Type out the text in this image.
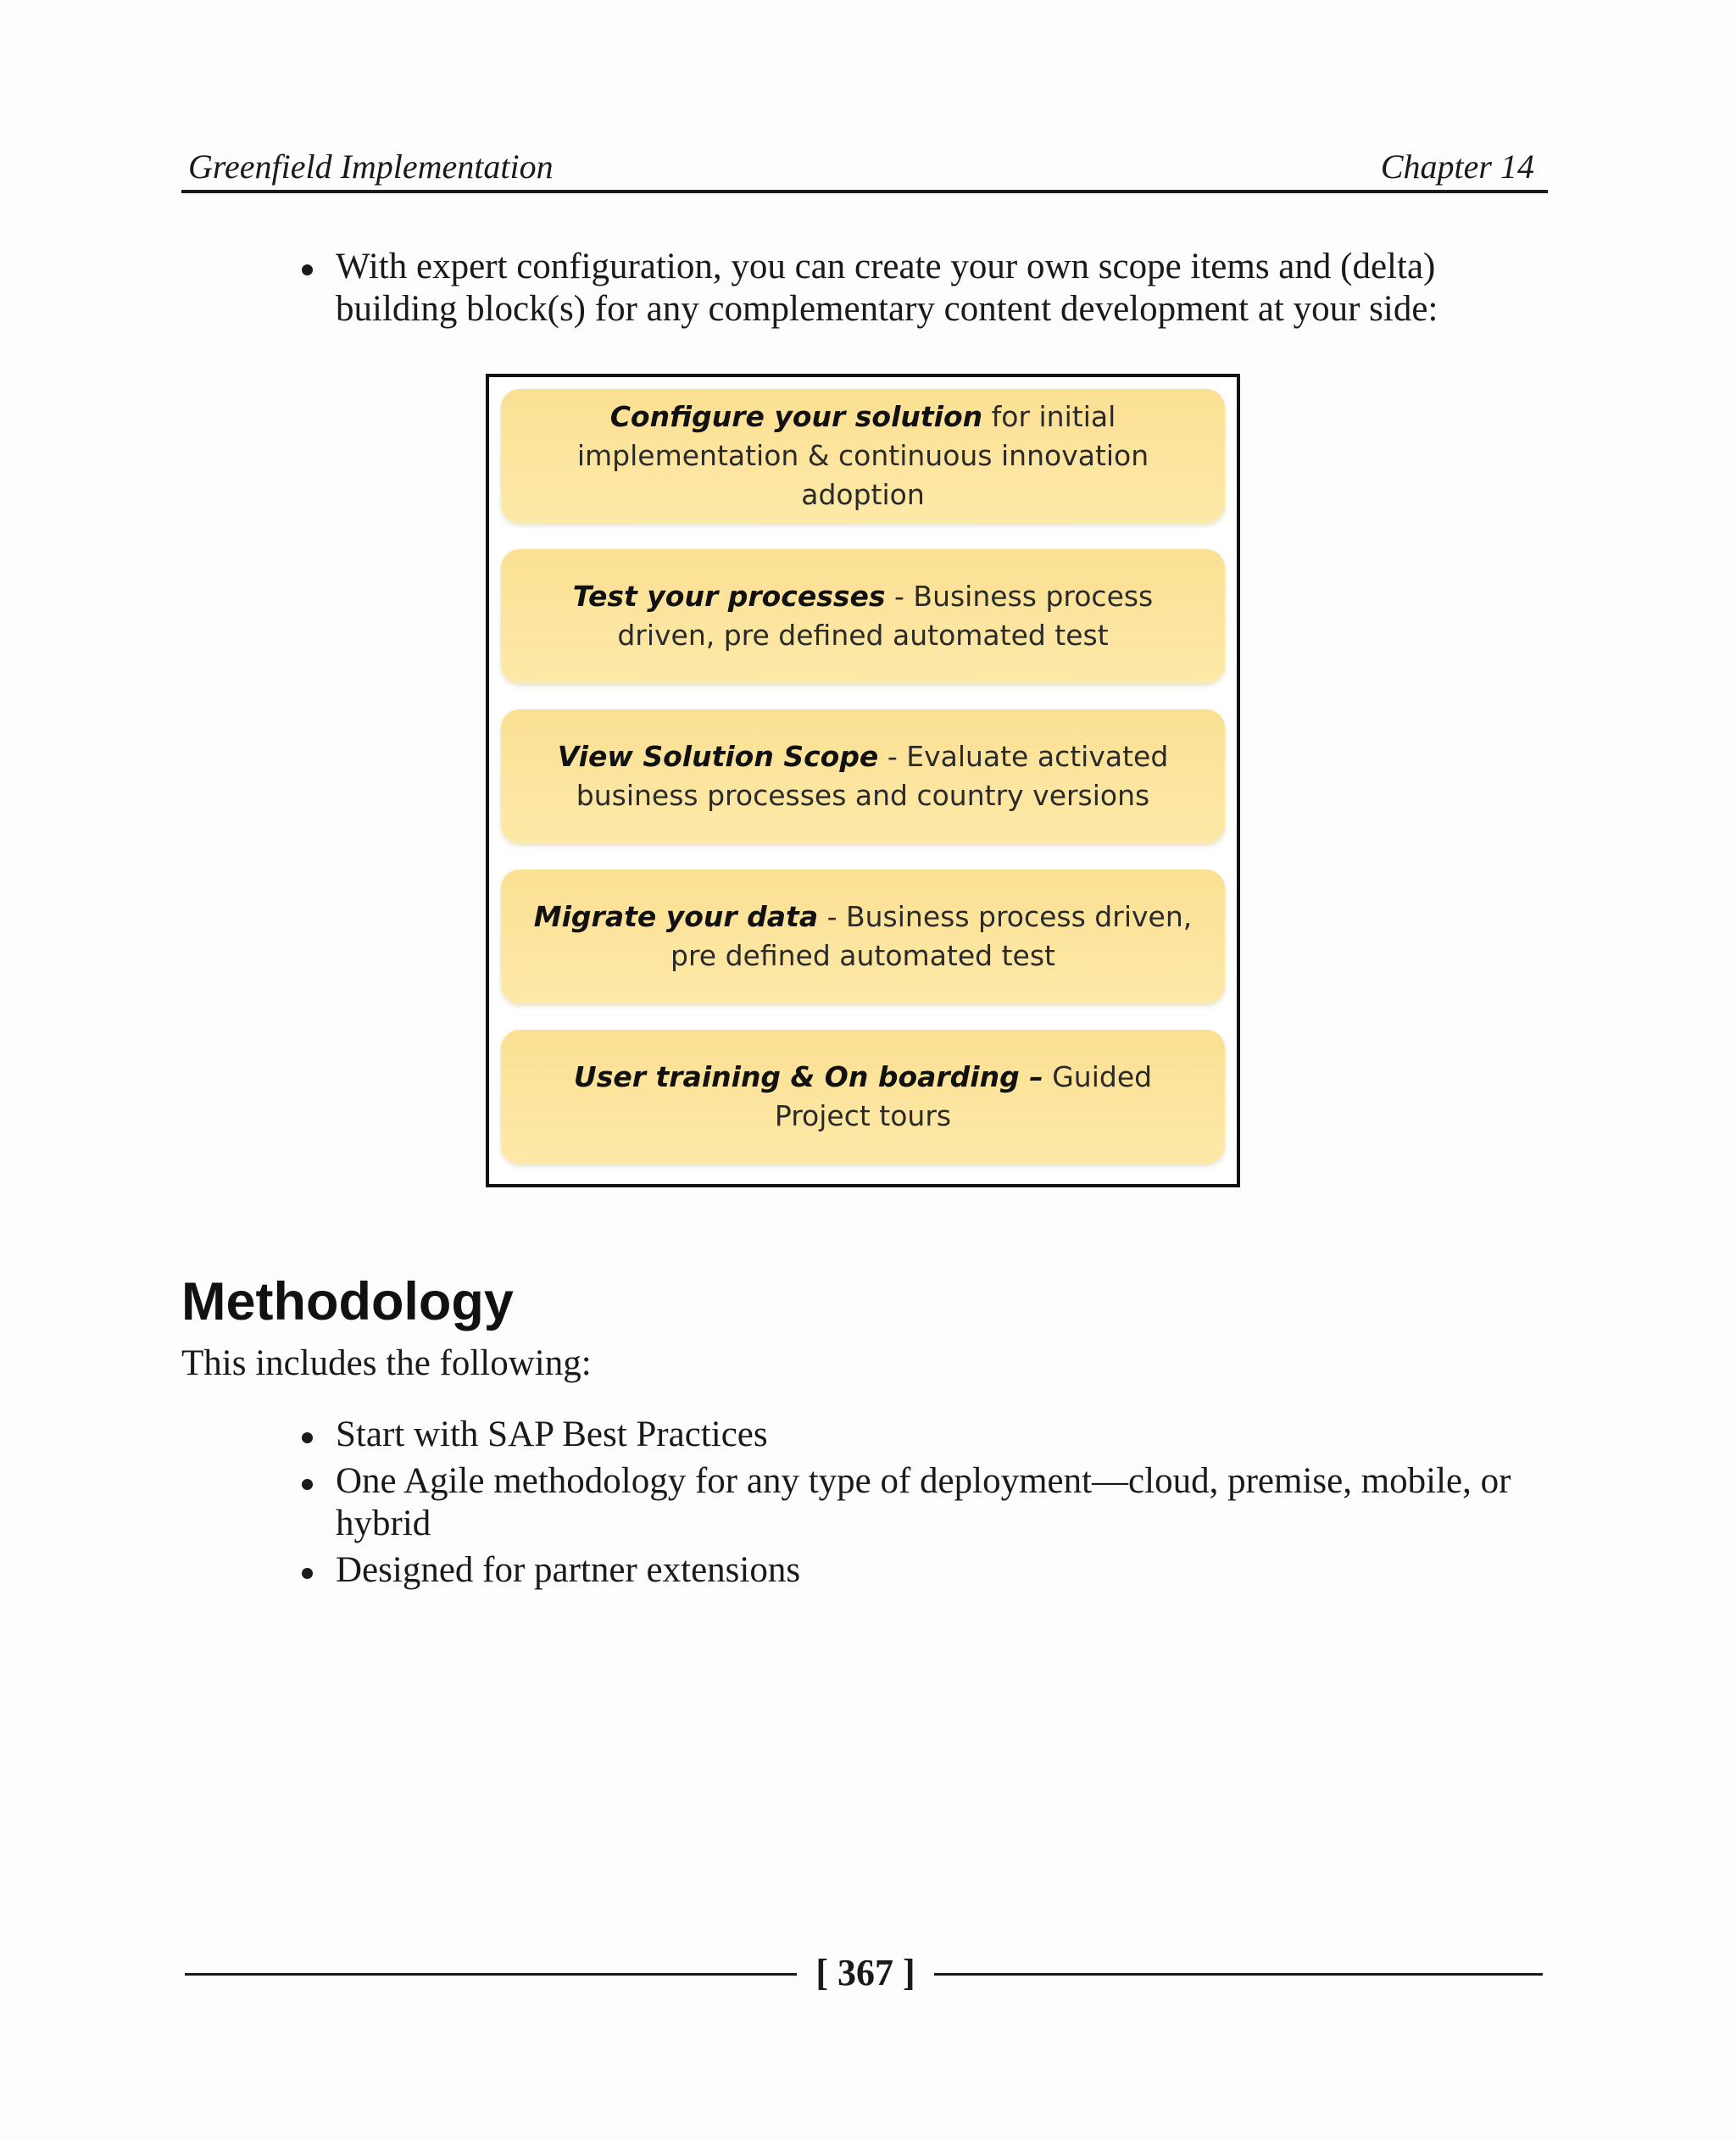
Greenfield Implementation	Chapter 14
With expert configuration, you can create your own scope items and (delta) building block(s) for any complementary content development at your side:
Configure your solution for initial implementation & continuous innovation adoption
Test your processes - Business process driven, pre defined automated test
View Solution Scope - Evaluate activated business processes and country versions
Migrate your data - Business process driven, pre defined automated test
User training & On boarding – Guided Project tours
Methodology

This includes the following:

Start with SAP Best Practices
One Agile methodology for any type of deployment—cloud, premise, mobile, or hybrid
Designed for partner extensions
[ 367 ]
